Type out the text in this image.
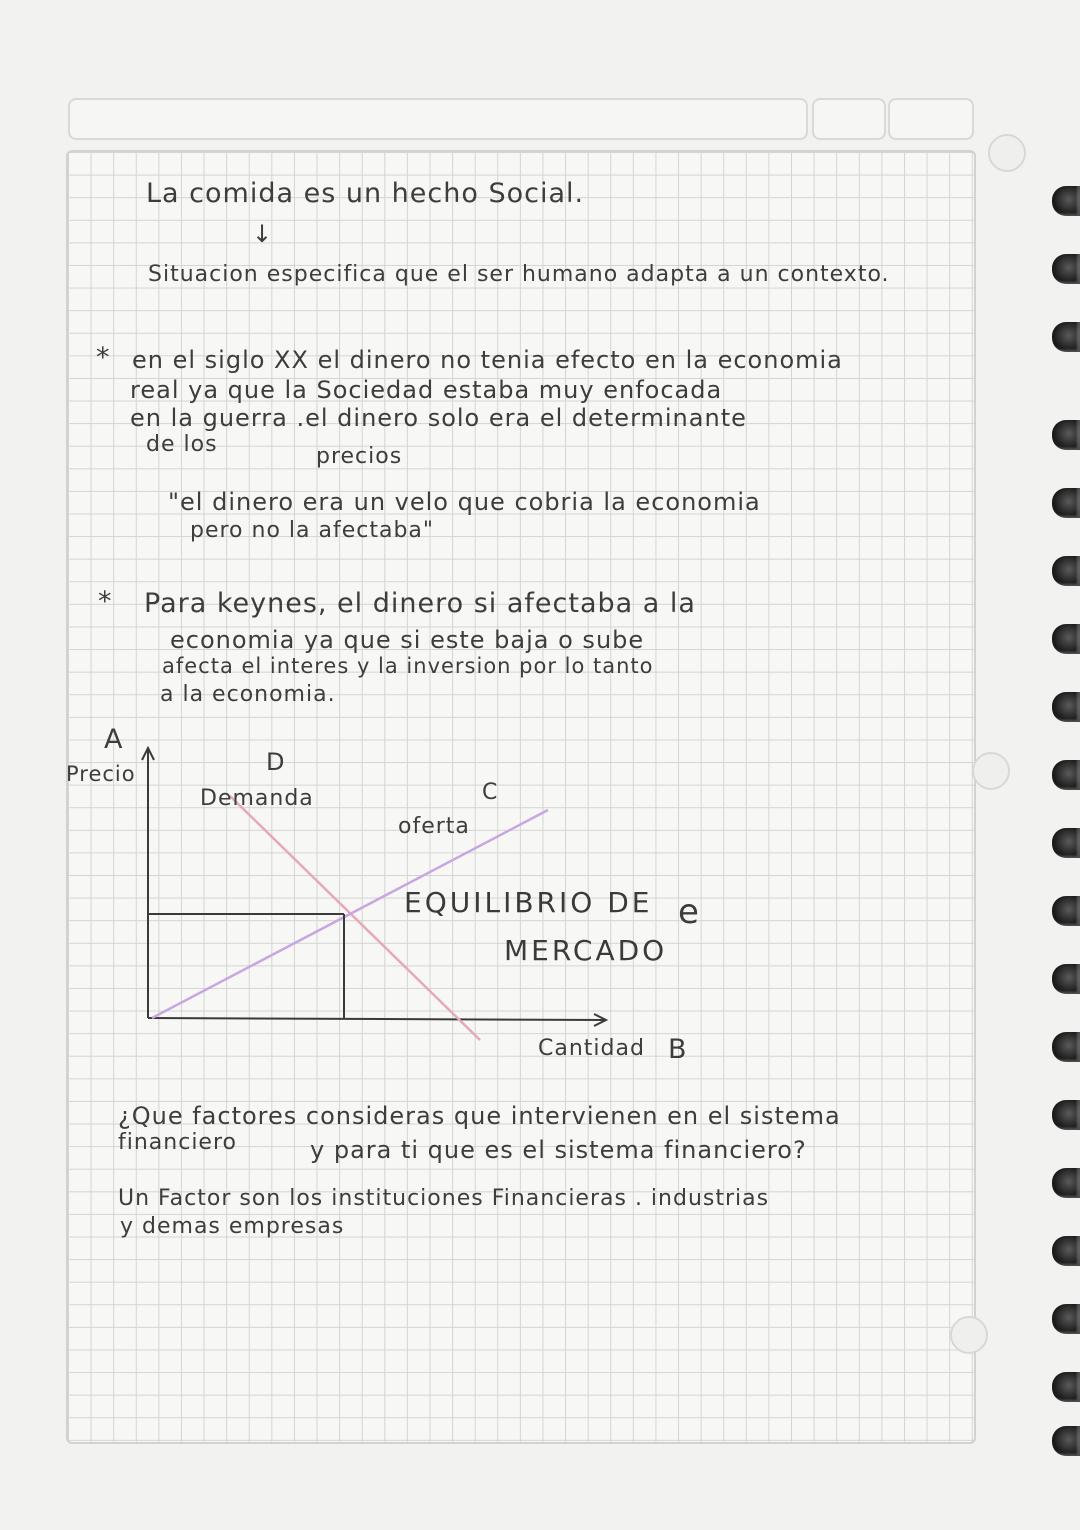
La comida es un hecho Social.
↓
Situacion especifica que el ser humano adapta a un contexto.
* en el siglo XX el dinero no tenia efecto en la economia
real ya que la Sociedad estaba muy enfocada
en la guerra .el dinero solo era el determinante
de los	precios
"el dinero era un velo que cobria la economia
pero no la afectaba"
* Para keynes, el dinero si afectaba a la
economia ya que si este baja o sube
afecta el interes y la inversion por lo tanto
a la economia.
A
Precio	D
Demanda	C
oferta
EQUILIBRIO DE e
MERCADO
Cantidad B
¿Que factores consideras que intervienen en el sistema
financiero	y para ti que es el sistema financiero?
Un Factor son los instituciones Financieras . industrias
y demas empresas
